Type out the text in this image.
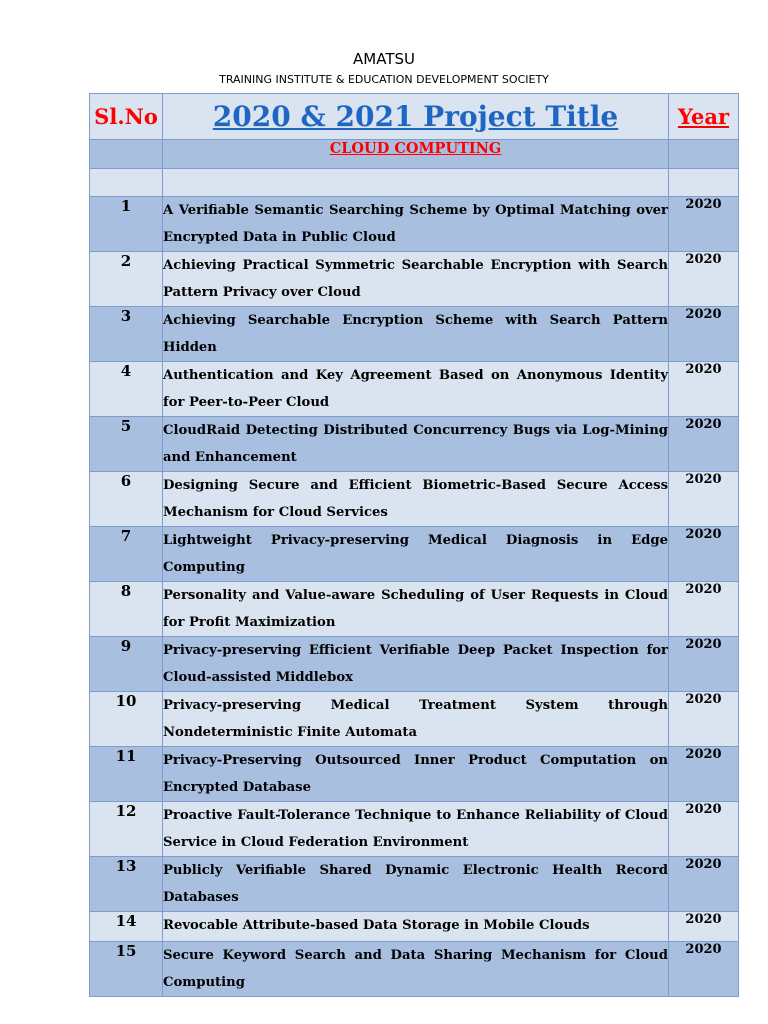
AMATSU
TRAINING INSTITUTE & EDUCATION DEVELOPMENT SOCIETY
Sl.No	2020 & 2021 Project Title	Year
	CLOUD COMPUTING	

1	A Verifiable Semantic Searching Scheme by Optimal Matching over Encrypted Data in Public Cloud	2020
2	Achieving Practical Symmetric Searchable Encryption with Search Pattern Privacy over Cloud	2020
3	Achieving Searchable Encryption Scheme with Search Pattern Hidden	2020
4	Authentication and Key Agreement Based on Anonymous Identity for Peer-to-Peer Cloud	2020
5	CloudRaid Detecting Distributed Concurrency Bugs via Log-Mining and Enhancement	2020
6	Designing Secure and Efficient Biometric-Based Secure Access Mechanism for Cloud Services	2020
7	Lightweight Privacy-preserving Medical Diagnosis in Edge Computing	2020
8	Personality and Value-aware Scheduling of User Requests in Cloud for Profit Maximization	2020
9	Privacy-preserving Efficient Verifiable Deep Packet Inspection for Cloud-assisted Middlebox	2020
10	Privacy-preserving Medical Treatment System through Nondeterministic Finite Automata	2020
11	Privacy-Preserving Outsourced Inner Product Computation on Encrypted Database	2020
12	Proactive Fault-Tolerance Technique to Enhance Reliability of Cloud Service in Cloud Federation Environment	2020
13	Publicly Verifiable Shared Dynamic Electronic Health Record Databases	2020
14	Revocable Attribute-based Data Storage in Mobile Clouds	2020
15	Secure Keyword Search and Data Sharing Mechanism for Cloud Computing	2020
